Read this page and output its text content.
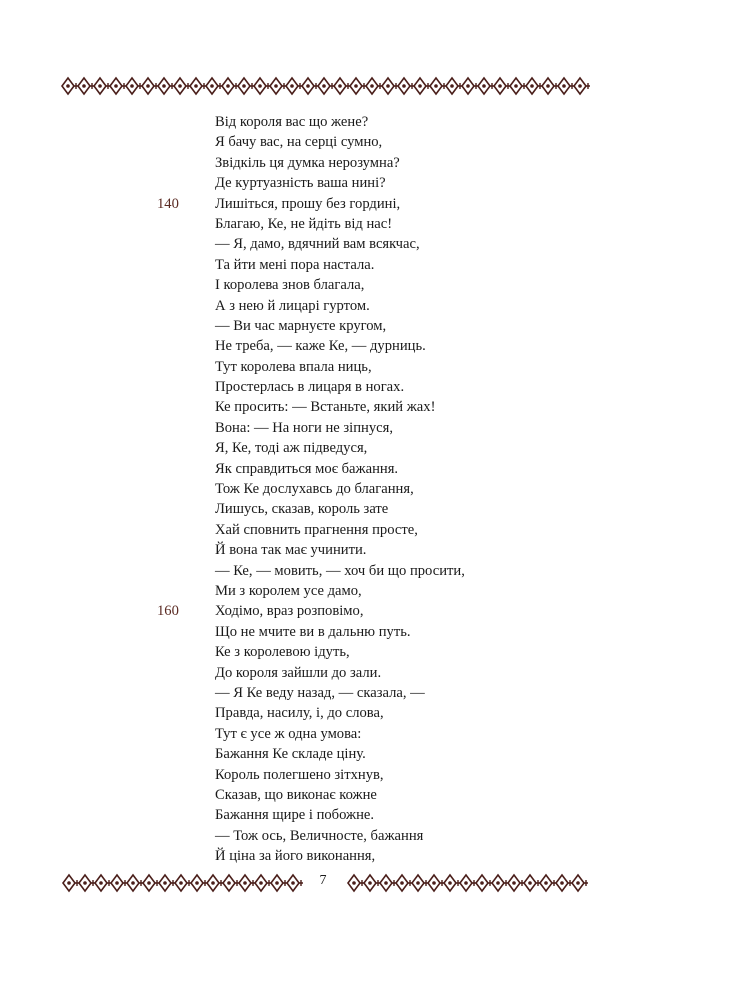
Від короля вас що жене?
Я бачу вас, на серці сумно,
Звідкіль ця думка нерозумна?
Де куртуазність ваша нині?
Лишіться, прошу без гордині,
140
Благаю, Ке, не йдіть від нас!
— Я, дамо, вдячний вам всякчас,
Та йти мені пора настала.
І королева знов благала,
А з нею й лицарі гуртом.
— Ви час марнуєте кругом,
Не треба, — каже Ке, — дурниць.
Тут королева впала ниць,
Простерлась в лицаря в ногах.
Ке просить: — Встаньте, який жах!
Вона: — На ноги не зіпнуся,
Я, Ке, тоді аж підведуся,
Як справдиться моє бажання.
Тож Ке дослухавсь до благання,
Лишусь, сказав, король зате
Хай сповнить прагнення просте,
Й вона так має учинити.
— Ке, — мовить, — хоч би що просити,
Ми з королем усе дамо,
Ходімо, враз розповімо,
160
Що не мчите ви в дальню путь.
Ке з королевою ідуть,
До короля зайшли до зали.
— Я Ке веду назад, — сказала, —
Правда, насилу, і, до слова,
Тут є усе ж одна умова:
Бажання Ке складе ціну.
Король полегшено зітхнув,
Сказав, що виконає кожне
Бажання щире і побожне.
— Тож ось, Величносте, бажання
Й ціна за його виконання,
7
